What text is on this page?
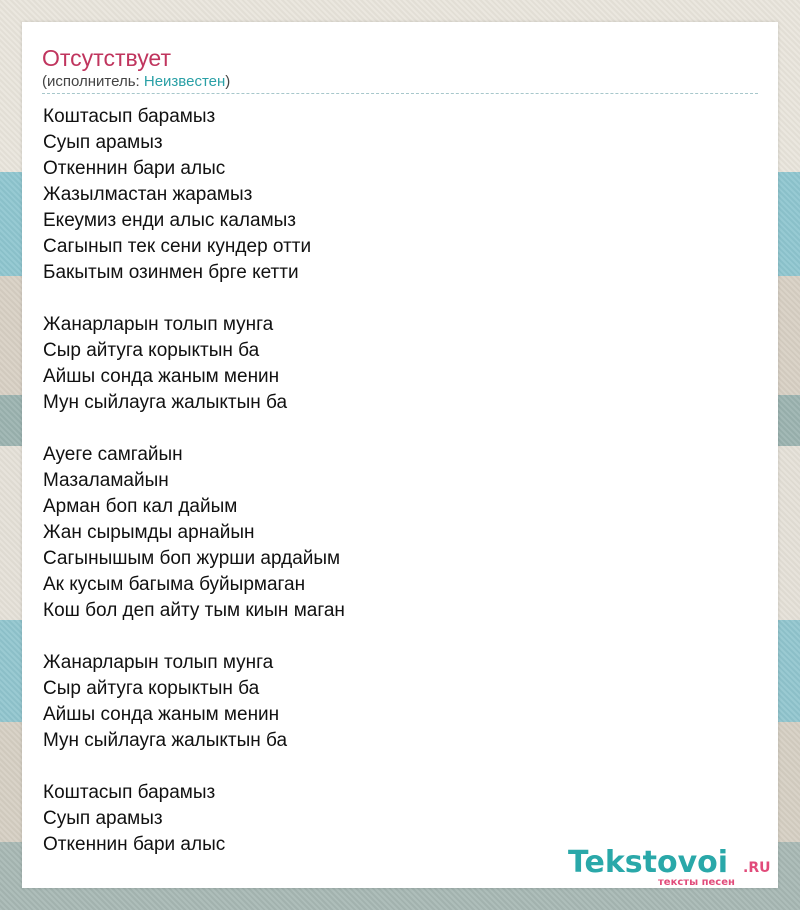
Отсутствует
(исполнитель: Неизвестен)
Коштасып барамыз
Суып арамыз
Откеннин бари алыс
Жазылмастан жарамыз
Екеумиз енди алыс каламыз
Сагынып тек сени кундер отти
Бакытым озинмен брге кетти
Жанарларын толып мунга
Сыр айтуга корыктын ба
Айшы сонда жаным менин
Мун сыйлауга жалыктын ба
Ауеге самгайын
Мазаламайын
Арман боп кал дайым
Жан сырымды арнайын
Сагынышым боп журши ардайым
Ак кусым багыма буйырмаган
Кош бол деп айту тым киын маган
Жанарларын толып мунга
Сыр айтуга корыктын ба
Айшы сонда жаным менин
Мун сыйлауга жалыктын ба
Коштасып барамыз
Суып арамыз
Откеннин бари алыс
Tekstovoi .RU
тексты песен
